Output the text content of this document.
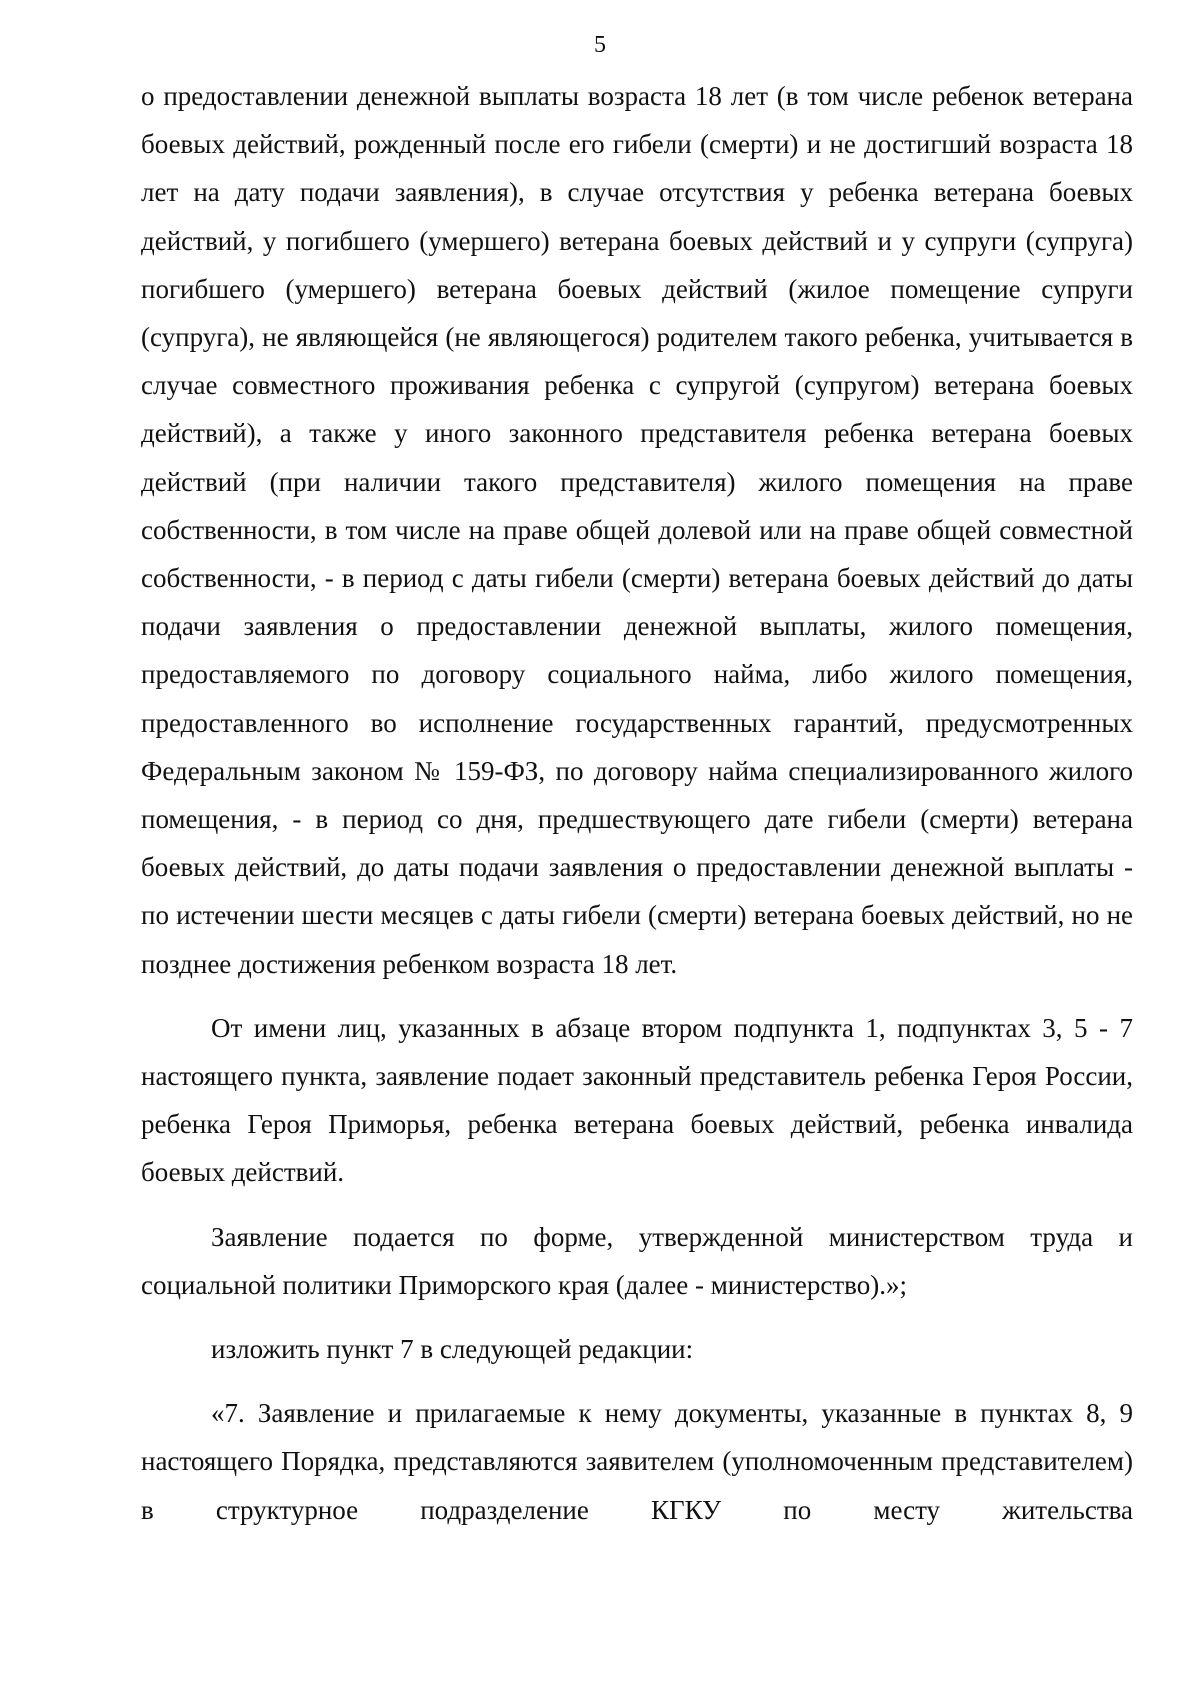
5

о предоставлении денежной выплаты возраста 18 лет (в том числе ребенок ветерана боевых действий, рожденный после его гибели (смерти) и не достигший возраста 18 лет на дату подачи заявления), в случае отсутствия у ребенка ветерана боевых действий, у погибшего (умершего) ветерана боевых действий и у супруги (супруга) погибшего (умершего) ветерана боевых действий (жилое помещение супруги (супруга), не являющейся (не являющегося) родителем такого ребенка, учитывается в случае совместного проживания ребенка с супругой (супругом) ветерана боевых действий), а также у иного законного представителя ребенка ветерана боевых действий (при наличии такого представителя) жилого помещения на праве собственности, в том числе на праве общей долевой или на праве общей совместной собственности, - в период с даты гибели (смерти) ветерана боевых действий до даты подачи заявления о предоставлении денежной выплаты, жилого помещения, предоставляемого по договору социального найма, либо жилого помещения, предоставленного во исполнение государственных гарантий, предусмотренных Федеральным законом № 159-ФЗ, по договору найма специализированного жилого помещения, - в период со дня, предшествующего дате гибели (смерти) ветерана боевых действий, до даты подачи заявления о предоставлении денежной выплаты - по истечении шести месяцев с даты гибели (смерти) ветерана боевых действий, но не позднее достижения ребенком возраста 18 лет.

От имени лиц, указанных в абзаце втором подпункта 1, подпунктах 3, 5 - 7 настоящего пункта, заявление подает законный представитель ребенка Героя России, ребенка Героя Приморья, ребенка ветерана боевых действий, ребенка инвалида боевых действий.

Заявление подается по форме, утвержденной министерством труда и социальной политики Приморского края (далее - министерство).»;

изложить пункт 7 в следующей редакции:

«7. Заявление и прилагаемые к нему документы, указанные в пунктах 8, 9 настоящего Порядка, представляются заявителем (уполномоченным представителем) в структурное подразделение КГКУ по месту жительства
